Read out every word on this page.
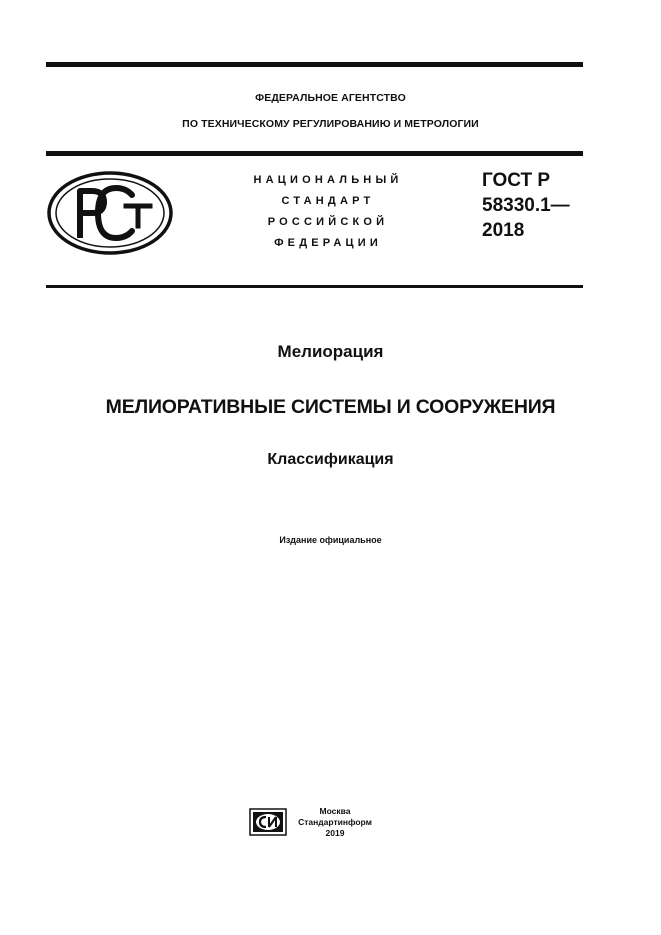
ФЕДЕРАЛЬНОЕ АГЕНТСТВО
ПО ТЕХНИЧЕСКОМУ РЕГУЛИРОВАНИЮ И МЕТРОЛОГИИ
НАЦИОНАЛЬНЫЙ
СТАНДАРТ
РОССИЙСКОЙ
ФЕДЕРАЦИИ
ГОСТ Р
58330.1—
2018
Мелиорация
МЕЛИОРАТИВНЫЕ СИСТЕМЫ И СООРУЖЕНИЯ
Классификация
Издание официальное
Москва
Стандартинформ
2019
